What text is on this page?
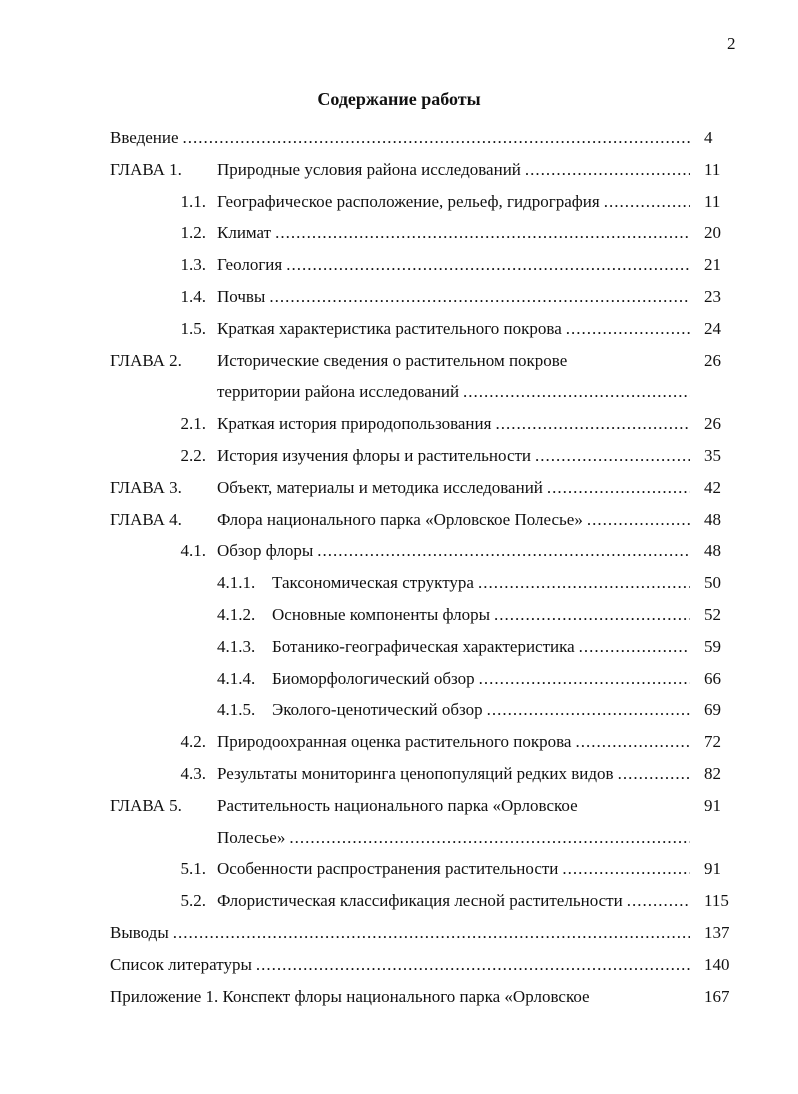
2
Содержание работы
Введение .....	4
ГЛАВА 1. Природные условия района исследований .....	11
1.1. Географическое расположение, рельеф, гидрография .....	11
1.2. Климат .....	20
1.3. Геология .....	21
1.4. Почвы .....	23
1.5. Краткая характеристика растительного покрова .....	24
ГЛАВА 2. Исторические сведения о растительном покрове	26
территории района исследований
.....
2.1. Краткая история природопользования .....	26
2.2. История изучения флоры и растительности .....	35
ГЛАВА 3. Объект, материалы и методика исследований .....	42
ГЛАВА 4. Флора национального парка «Орловское Полесье» .....	48
4.1. Обзор флоры .....	48
4.1.1. Таксономическая структура .....	50
4.1.2. Основные компоненты флоры .....	52
4.1.3. Ботанико-географическая характеристика .....	59
4.1.4. Биоморфологический обзор .....	66
4.1.5. Эколого-ценотический обзор .....	69
4.2. Природоохранная оценка растительного покрова .....	72
4.3. Результаты мониторинга ценопопуляций редких видов .....	82
ГЛАВА 5. Растительность национального парка «Орловское	91
Полесье»
.....
5.1. Особенности распространения растительности .....	91
5.2. Флористическая классификация лесной растительности .....	115
Выводы .....	137
Список литературы .....	140
Приложение 1. Конспект флоры национального парка «Орловское	167
